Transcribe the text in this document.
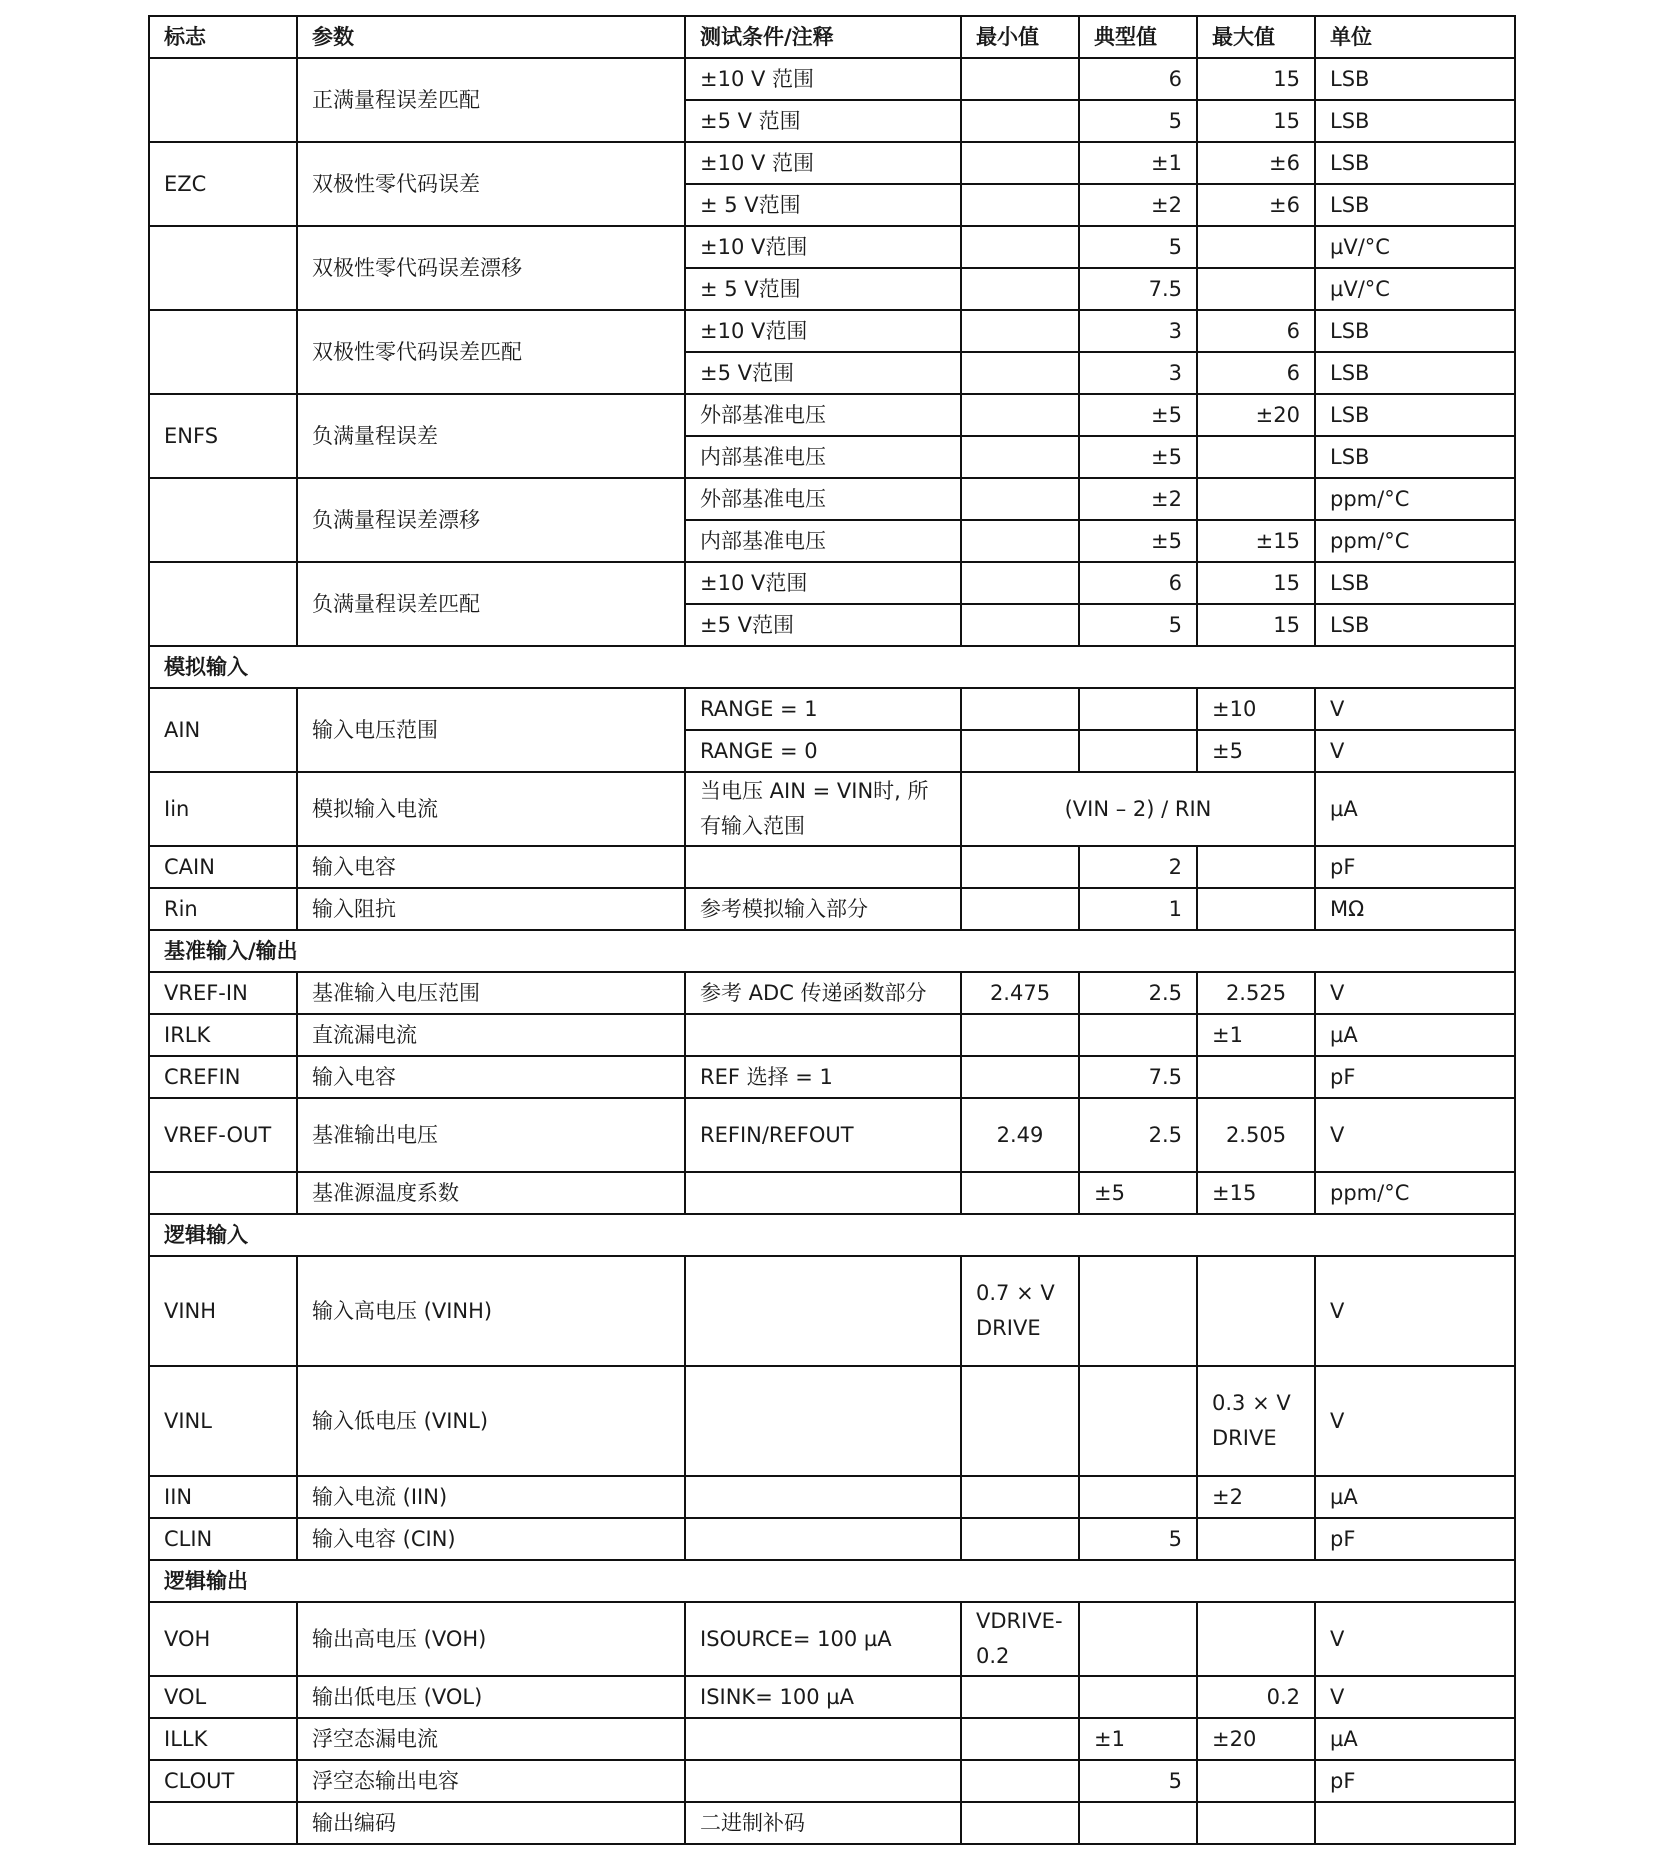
标志	参数	测试条件/注释	最小值	典型值	最大值	单位
	正满量程误差匹配	±10 V 范围		6	15	LSB
		±5 V 范围		5	15	LSB
EZC	双极性零代码误差	±10 V 范围		±1	±6	LSB
		± 5 V范围		±2	±6	LSB
	双极性零代码误差漂移	±10 V范围		5		µV/°C
		± 5 V范围		7.5		µV/°C
	双极性零代码误差匹配	±10 V范围		3	6	LSB
		±5 V范围		3	6	LSB
ENFS	负满量程误差	外部基准电压		±5	±20	LSB
		内部基准电压		±5		LSB
	负满量程误差漂移	外部基准电压		±2		ppm/°C
		内部基准电压		±5	±15	ppm/°C
	负满量程误差匹配	±10 V范围		6	15	LSB
		±5 V范围		5	15	LSB
模拟输入						
AIN	输入电压范围	RANGE = 1			±10	V
		RANGE = 0			±5	V
Iin	模拟输入电流	当电压 AIN = VIN时, 所有输入范围	(VIN – 2) / RIN			µA
CAIN	输入电容			2		pF
Rin	输入阻抗	参考模拟输入部分		1		MΩ
基准输入/输出						
VREF-IN	基准输入电压范围	参考 ADC 传递函数部分	2.475	2.5	2.525	V
IRLK	直流漏电流				±1	µA
CREFIN	输入电容	REF 选择 = 1		7.5		pF
VREF-OUT	基准输出电压	REFIN/REFOUT	2.49	2.5	2.505	V
	基准源温度系数			±5	±15	ppm/°C
逻辑输入						
VINH	输入高电压 (VINH)		0.7 × VDRIVE			V
VINL	输入低电压 (VINL)				0.3 × VDRIVE	V
IIN	输入电流 (IIN)				±2	µA
CLIN	输入电容 (CIN)			5		pF
逻辑输出						
VOH	输出高电压 (VOH)	ISOURCE= 100 µA	VDRIVE-0.2			V
VOL	输出低电压 (VOL)	ISINK= 100 µA			0.2	V
ILLK	浮空态漏电流			±1	±20	µA
CLOUT	浮空态输出电容			5		pF
	输出编码	二进制补码				
